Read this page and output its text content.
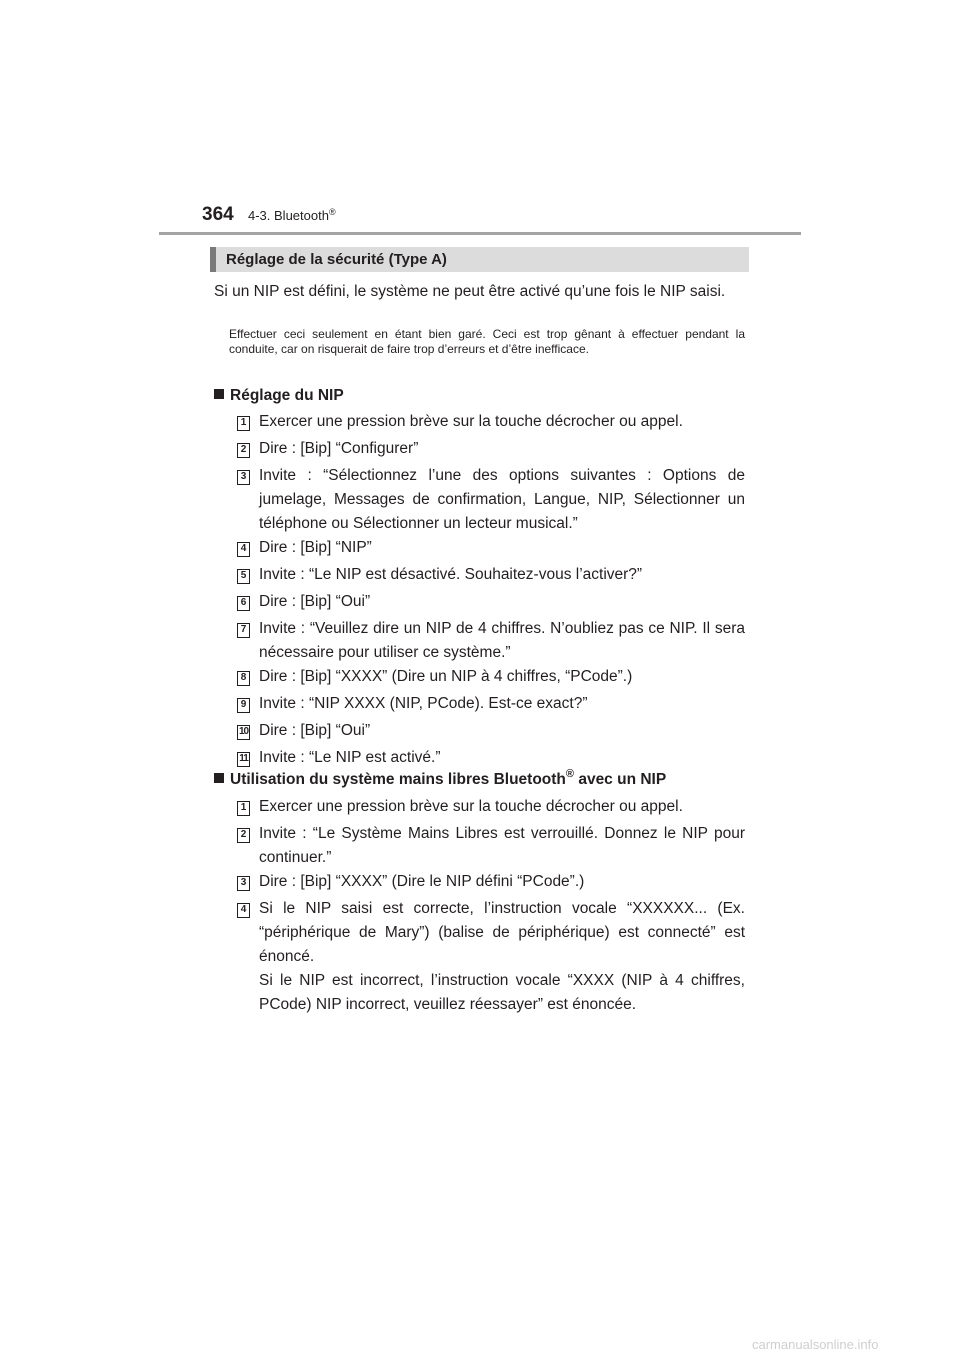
364 4-3. Bluetooth®
Réglage de la sécurité (Type A)
Si un NIP est défini, le système ne peut être activé qu’une fois le NIP saisi.
Effectuer ceci seulement en étant bien garé. Ceci est trop gênant à effectuer pendant la conduite, car on risquerait de faire trop d’erreurs et d’être inefficace.
Réglage du NIP
1 Exercer une pression brève sur la touche décrocher ou appel.
2 Dire : [Bip] “Configurer”
3 Invite : “Sélectionnez l’une des options suivantes : Options de jumelage, Messages de confirmation, Langue, NIP, Sélectionner un téléphone ou Sélectionner un lecteur musical.”
4 Dire : [Bip] “NIP”
5 Invite : “Le NIP est désactivé. Souhaitez-vous l’activer?”
6 Dire : [Bip] “Oui”
7 Invite : “Veuillez dire un NIP de 4 chiffres. N’oubliez pas ce NIP. Il sera nécessaire pour utiliser ce système.”
8 Dire : [Bip] “XXXX” (Dire un NIP à 4 chiffres, “PCode”.)
9 Invite : “NIP XXXX (NIP, PCode). Est-ce exact?”
10 Dire : [Bip] “Oui”
11 Invite : “Le NIP est activé.”
Utilisation du système mains libres Bluetooth® avec un NIP
1 Exercer une pression brève sur la touche décrocher ou appel.
2 Invite : “Le Système Mains Libres est verrouillé. Donnez le NIP pour continuer.”
3 Dire : [Bip] “XXXX” (Dire le NIP défini “PCode”.)
4 Si le NIP saisi est correcte, l’instruction vocale “XXXXXX... (Ex. “périphérique de Mary”) (balise de périphérique) est connecté” est énoncé.
Si le NIP est incorrect, l’instruction vocale “XXXX (NIP à 4 chiffres, PCode) NIP incorrect, veuillez réessayer” est énoncée.
carmanualsonline.info
